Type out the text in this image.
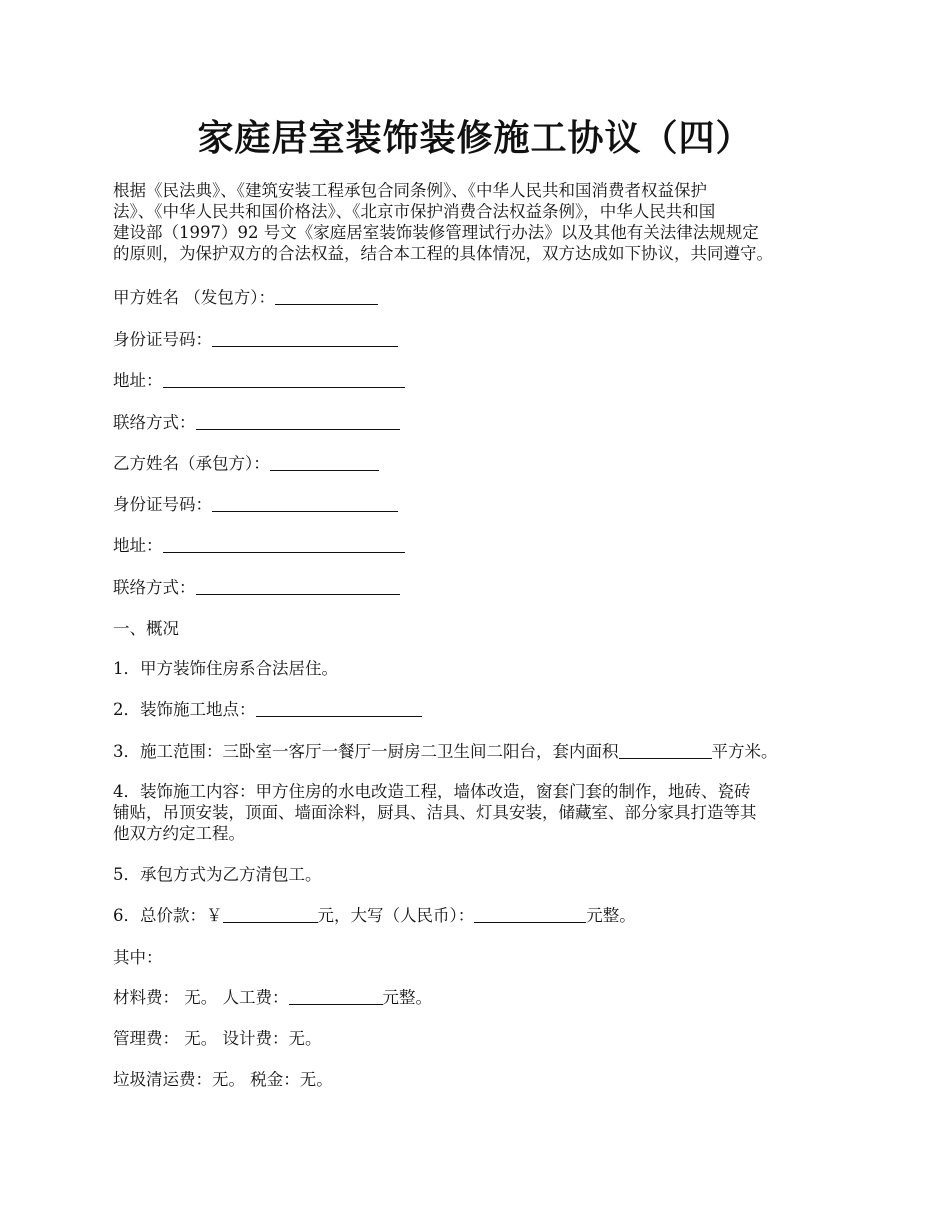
家庭居室装饰装修施工协议（四）
根据《民法典》、《建筑安装工程承包合同条例》、《中华人民共和国消费者权益保护
法》、《中华人民共和国价格法》、《北京市保护消费合法权益条例》，中华人民共和国
建设部（1997）92 号文《家庭居室装饰装修管理试行办法》以及其他有关法律法规规定
的原则，为保护双方的合法权益，结合本工程的具体情况，双方达成如下协议，共同遵守。
甲方姓名 （发包方）：
身份证号码：
地址：
联络方式：
乙方姓名（承包方）：
身份证号码：
地址：
联络方式：
一、概况
1．甲方装饰住房系合法居住。
2．装饰施工地点：
3．施工范围：三卧室一客厅一餐厅一厨房二卫生间二阳台，套内面积	平方米。
4．装饰施工内容：甲方住房的水电改造工程，墙体改造，窗套门套的制作，地砖、瓷砖
铺贴，吊顶安装，顶面、墙面涂料，厨具、洁具、灯具安装，储藏室、部分家具打造等其
他双方约定工程。
5．承包方式为乙方清包工。
6．总价款：￥	元，大写（人民币）：	元整。
其中：
材料费： 无。 人工费：	元整。
管理费： 无。 设计费：无。
垃圾清运费：无。 税金：无。
